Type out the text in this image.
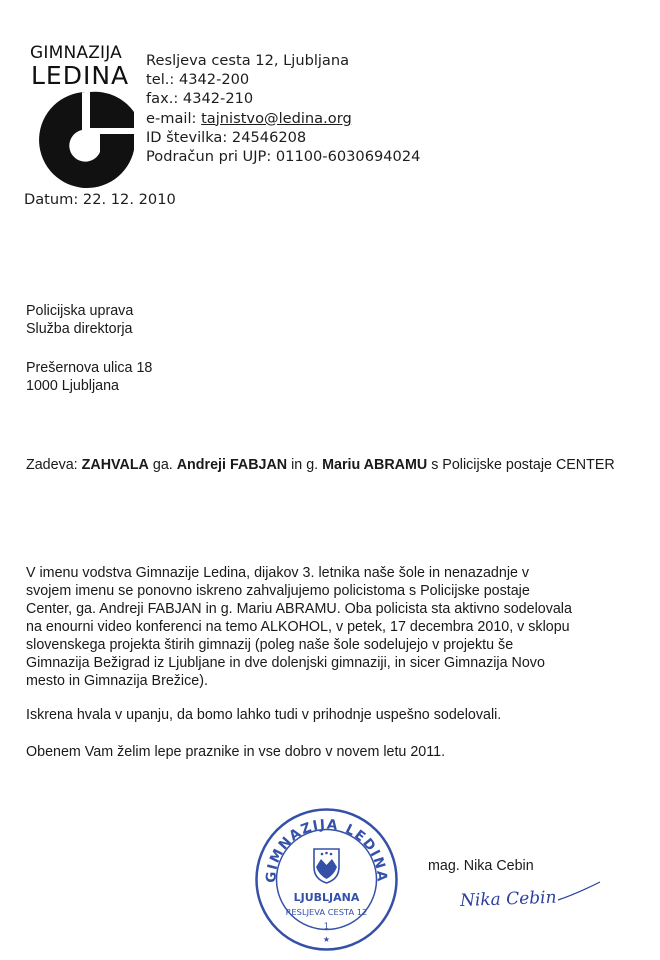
GIMNAZIJA
LEDINA
Resljeva cesta 12, Ljubljana
tel.: 4342-200
fax.: 4342-210
e-mail: tajnistvo@ledina.org
ID številka: 24546208
Podračun pri UJP: 01100-6030694024
Datum: 22. 12. 2010
Policijska uprava
Služba direktorja
Prešernova ulica 18
1000 Ljubljana
Zadeva: ZAHVALA ga. Andreji FABJAN in g. Mariu ABRAMU s Policijske postaje CENTER
V imenu vodstva Gimnazije Ledina, dijakov 3. letnika naše šole in nenazadnje v
svojem imenu se ponovno iskreno zahvaljujemo policistoma s Policijske postaje
Center, ga. Andreji FABJAN in g. Mariu ABRAMU. Oba policista sta aktivno sodelovala
na enourni video konferenci na temo ALKOHOL, v petek, 17 decembra 2010, v sklopu
slovenskega projekta štirih gimnazij (poleg naše šole sodelujejo v projektu še
Gimnazija Bežigrad iz Ljubljane in dve dolenjski gimnaziji, in sicer Gimnazija Novo
mesto in Gimnazija Brežice).
Iskrena hvala v upanju, da bomo lahko tudi v prihodnje uspešno sodelovali.
Obenem Vam želim lepe praznike in vse dobro v novem letu 2011.
GIMNAZIJA LEDINA
LJUBLJANA
RESLJEVA CESTA 12
1
★
mag. Nika Cebin
Nika Cebin
